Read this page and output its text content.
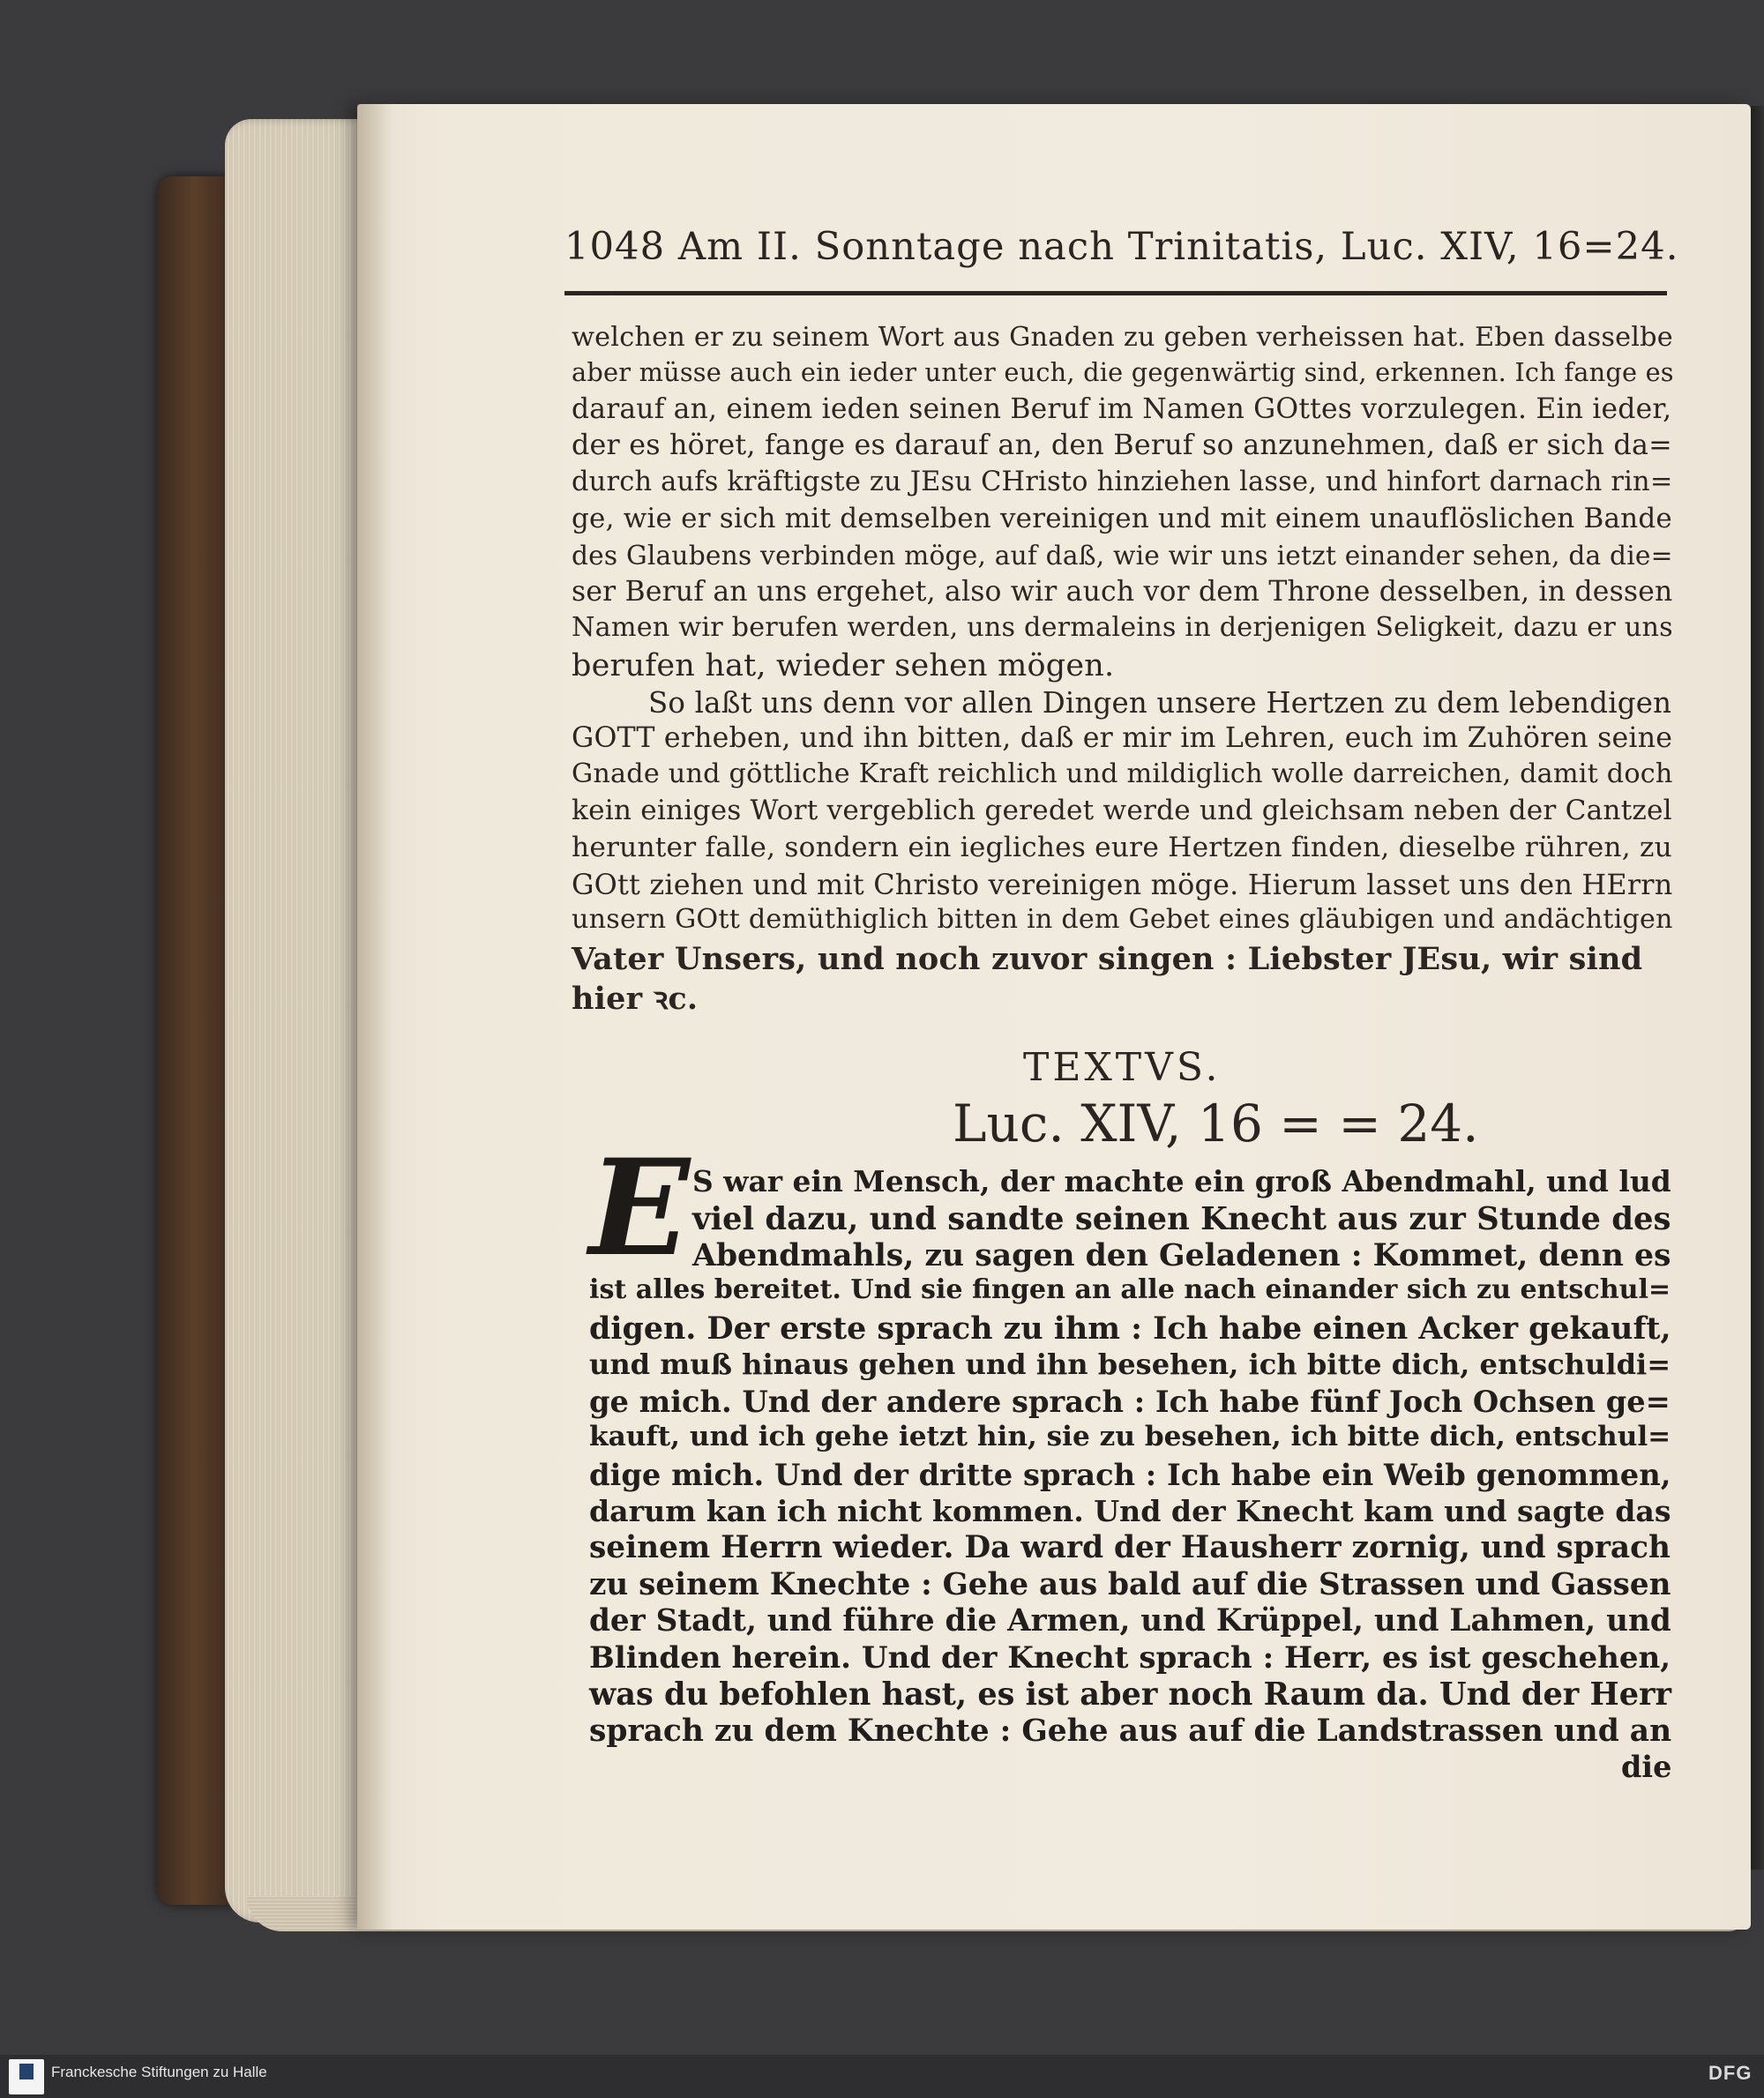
1048 Am II. Sonntage nach Trinitatis, Luc. XIV, 16=24.
welchen er zu seinem Wort aus Gnaden zu geben verheissen hat. Eben dasselbe
aber müsse auch ein ieder unter euch, die gegenwärtig sind, erkennen. Ich fange es
darauf an, einem ieden seinen Beruf im Namen GOttes vorzulegen. Ein ieder,
der es höret, fange es darauf an, den Beruf so anzunehmen, daß er sich da=
durch aufs kräftigste zu JEsu CHristo hinziehen lasse, und hinfort darnach rin=
ge, wie er sich mit demselben vereinigen und mit einem unauflöslichen Bande
des Glaubens verbinden möge, auf daß, wie wir uns ietzt einander sehen, da die=
ser Beruf an uns ergehet, also wir auch vor dem Throne desselben, in dessen
Namen wir berufen werden, uns dermaleins in derjenigen Seligkeit, dazu er uns
berufen hat, wieder sehen mögen.
So laßt uns denn vor allen Dingen unsere Hertzen zu dem lebendigen
GOTT erheben, und ihn bitten, daß er mir im Lehren, euch im Zuhören seine
Gnade und göttliche Kraft reichlich und mildiglich wolle darreichen, damit doch
kein einiges Wort vergeblich geredet werde und gleichsam neben der Cantzel
herunter falle, sondern ein iegliches eure Hertzen finden, dieselbe rühren, zu
GOtt ziehen und mit Christo vereinigen möge. Hierum lasset uns den HErrn
unsern GOtt demüthiglich bitten in dem Gebet eines gläubigen und andächtigen
Vater Unsers, und noch zuvor singen : Liebster JEsu, wir sind
hier ꝛc.
TEXTVS.
Luc. XIV, 16 = = 24.
E S war ein Mensch, der machte ein groß Abendmahl, und lud
viel dazu, und sandte seinen Knecht aus zur Stunde des
Abendmahls, zu sagen den Geladenen : Kommet, denn es
ist alles bereitet. Und sie fingen an alle nach einander sich zu entschul=
digen. Der erste sprach zu ihm : Ich habe einen Acker gekauft,
und muß hinaus gehen und ihn besehen, ich bitte dich, entschuldi=
ge mich. Und der andere sprach : Ich habe fünf Joch Ochsen ge=
kauft, und ich gehe ietzt hin, sie zu besehen, ich bitte dich, entschul=
dige mich. Und der dritte sprach : Ich habe ein Weib genommen,
darum kan ich nicht kommen. Und der Knecht kam und sagte das
seinem Herrn wieder. Da ward der Hausherr zornig, und sprach
zu seinem Knechte : Gehe aus bald auf die Strassen und Gassen
der Stadt, und führe die Armen, und Krüppel, und Lahmen, und
Blinden herein. Und der Knecht sprach : Herr, es ist geschehen,
was du befohlen hast, es ist aber noch Raum da. Und der Herr
sprach zu dem Knechte : Gehe aus auf die Landstrassen und an
die
Franckesche Stiftungen zu Halle	DFG
